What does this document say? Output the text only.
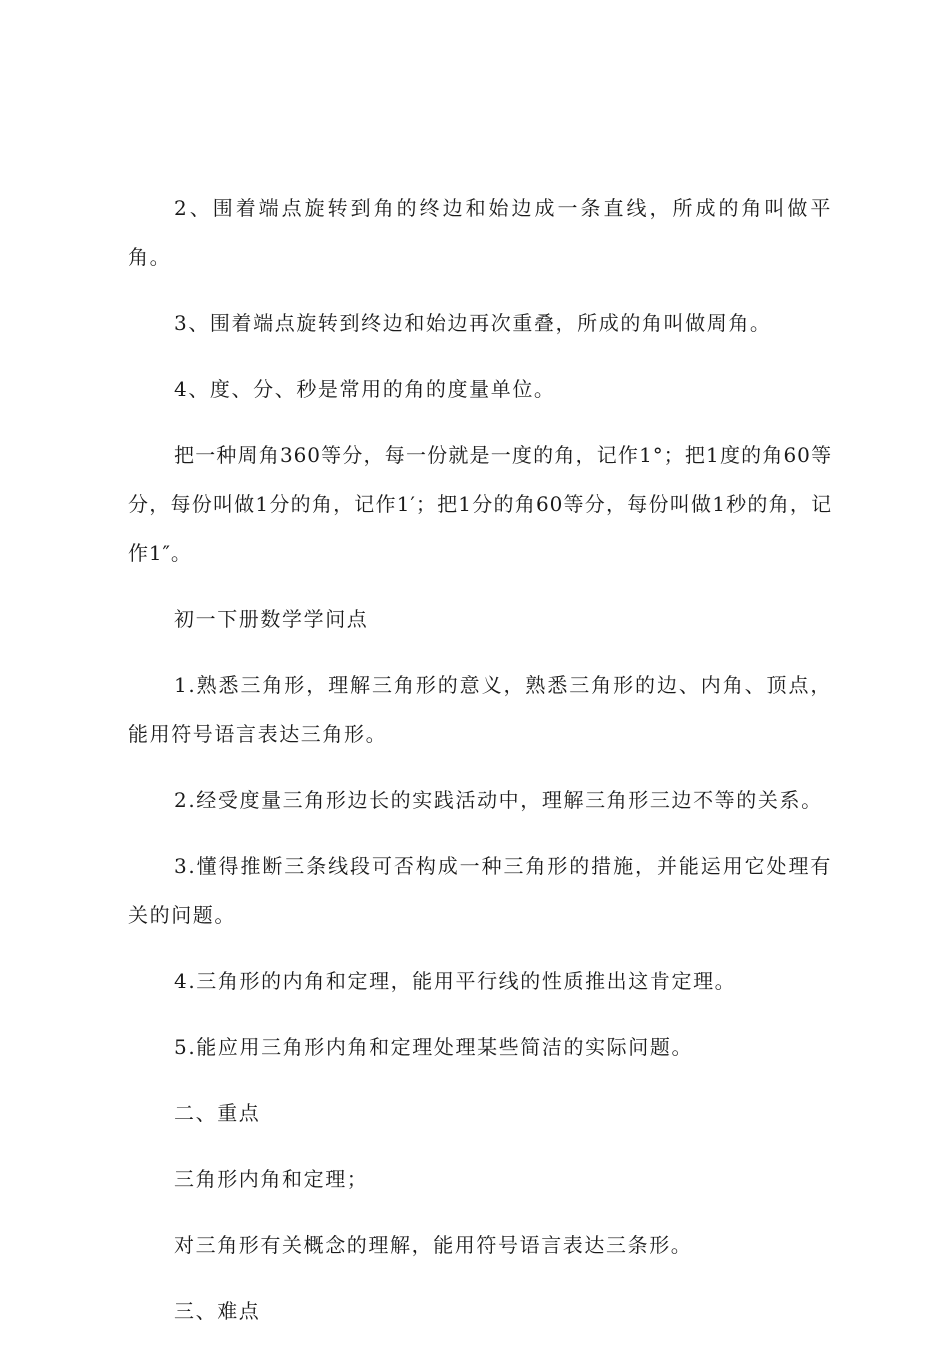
2、围着端点旋转到角的终边和始边成一条直线，所成的角叫做平角。

3、围着端点旋转到终边和始边再次重叠，所成的角叫做周角。

4、度、分、秒是常用的角的度量单位。

把一种周角360等分，每一份就是一度的角，记作1°；把1度的角60等分，每份叫做1分的角，记作1′；把1分的角60等分，每份叫做1秒的角，记作1″。

初一下册数学学问点

1.熟悉三角形，理解三角形的意义，熟悉三角形的边、内角、顶点，能用符号语言表达三角形。

2.经受度量三角形边长的实践活动中，理解三角形三边不等的关系。

3.懂得推断三条线段可否构成一种三角形的措施，并能运用它处理有关的问题。

4.三角形的内角和定理，能用平行线的性质推出这肯定理。

5.能应用三角形内角和定理处理某些简洁的实际问题。

二、重点

三角形内角和定理；

对三角形有关概念的理解，能用符号语言表达三条形。

三、难点
